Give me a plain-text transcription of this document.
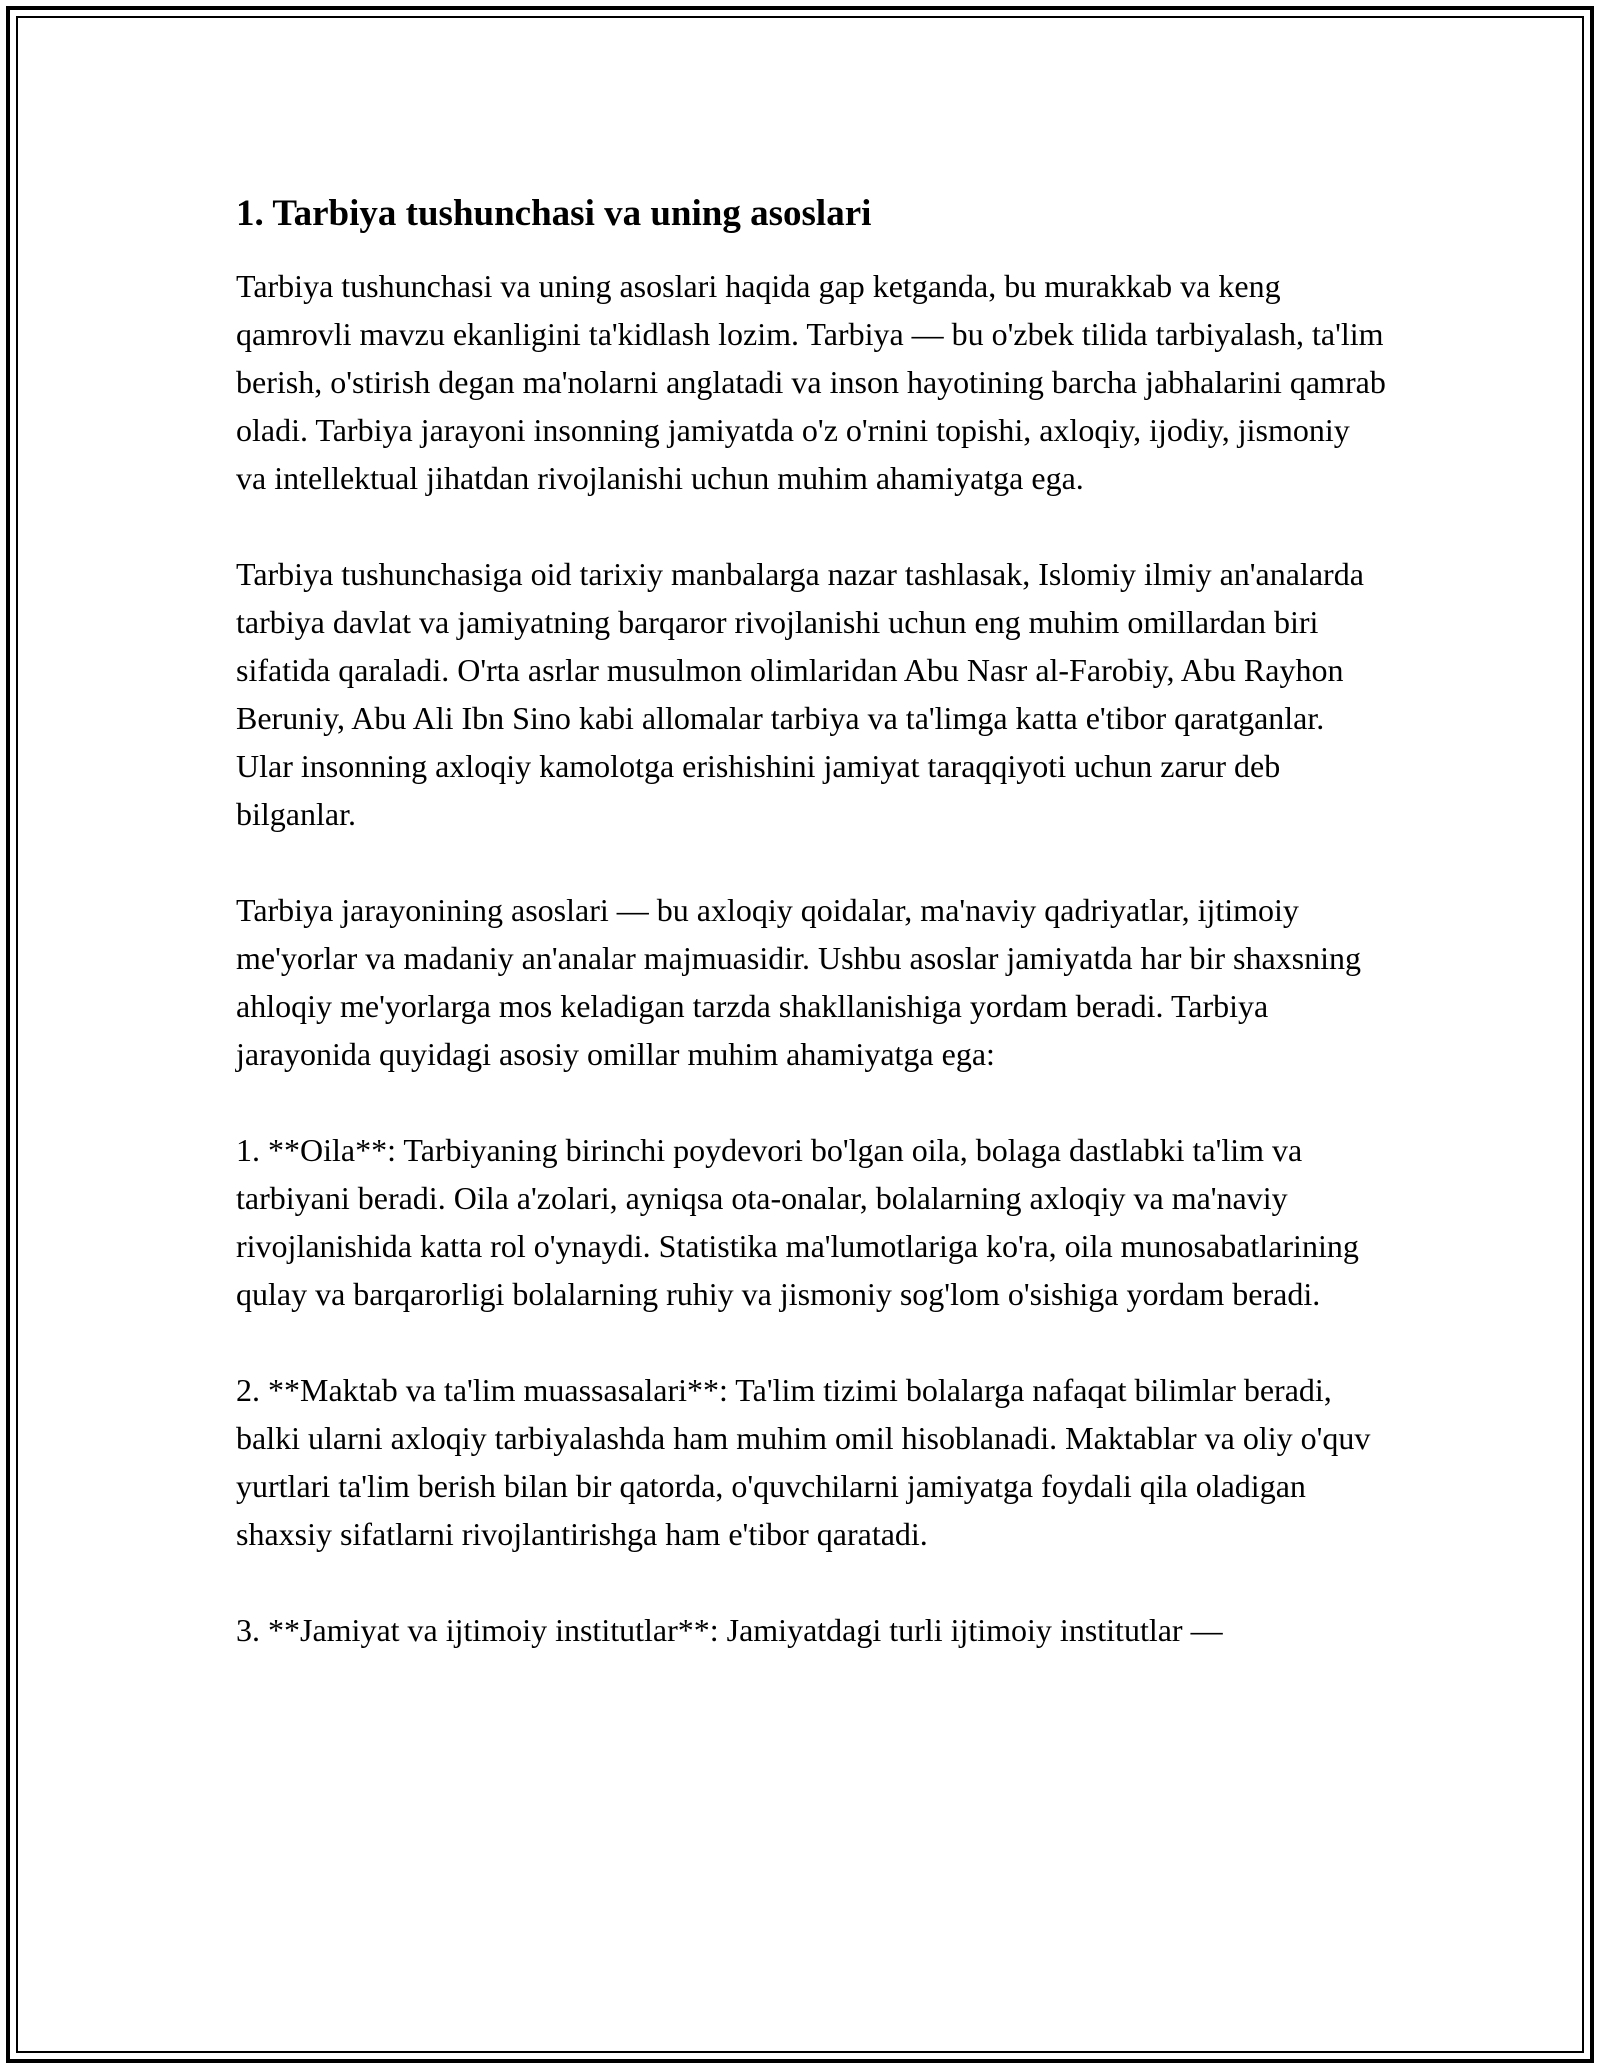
1. Tarbiya tushunchasi va uning asoslari

Tarbiya tushunchasi va uning asoslari haqida gap ketganda, bu murakkab va keng qamrovli mavzu ekanligini ta'kidlash lozim. Tarbiya — bu o'zbek tilida tarbiyalash, ta'lim berish, o'stirish degan ma'nolarni anglatadi va inson hayotining barcha jabhalarini qamrab oladi. Tarbiya jarayoni insonning jamiyatda o'z o'rnini topishi, axloqiy, ijodiy, jismoniy va intellektual jihatdan rivojlanishi uchun muhim ahamiyatga ega.

Tarbiya tushunchasiga oid tarixiy manbalarga nazar tashlasak, Islomiy ilmiy an'analarda tarbiya davlat va jamiyatning barqaror rivojlanishi uchun eng muhim omillardan biri sifatida qaraladi. O'rta asrlar musulmon olimlaridan Abu Nasr al-Farobiy, Abu Rayhon Beruniy, Abu Ali Ibn Sino kabi allomalar tarbiya va ta'limga katta e'tibor qaratganlar. Ular insonning axloqiy kamolotga erishishini jamiyat taraqqiyoti uchun zarur deb bilganlar.

Tarbiya jarayonining asoslari — bu axloqiy qoidalar, ma'naviy qadriyatlar, ijtimoiy me'yorlar va madaniy an'analar majmuasidir. Ushbu asoslar jamiyatda har bir shaxsning ahloqiy me'yorlarga mos keladigan tarzda shakllanishiga yordam beradi. Tarbiya jarayonida quyidagi asosiy omillar muhim ahamiyatga ega:

1. **Oila**: Tarbiyaning birinchi poydevori bo'lgan oila, bolaga dastlabki ta'lim va tarbiyani beradi. Oila a'zolari, ayniqsa ota-onalar, bolalarning axloqiy va ma'naviy rivojlanishida katta rol o'ynaydi. Statistika ma'lumotlariga ko'ra, oila munosabatlarining qulay va barqarorligi bolalarning ruhiy va jismoniy sog'lom o'sishiga yordam beradi.

2. **Maktab va ta'lim muassasalari**: Ta'lim tizimi bolalarga nafaqat bilimlar beradi, balki ularni axloqiy tarbiyalashda ham muhim omil hisoblanadi. Maktablar va oliy o'quv yurtlari ta'lim berish bilan bir qatorda, o'quvchilarni jamiyatga foydali qila oladigan shaxsiy sifatlarni rivojlantirishga ham e'tibor qaratadi.

3. **Jamiyat va ijtimoiy institutlar**: Jamiyatdagi turli ijtimoiy institutlar —
